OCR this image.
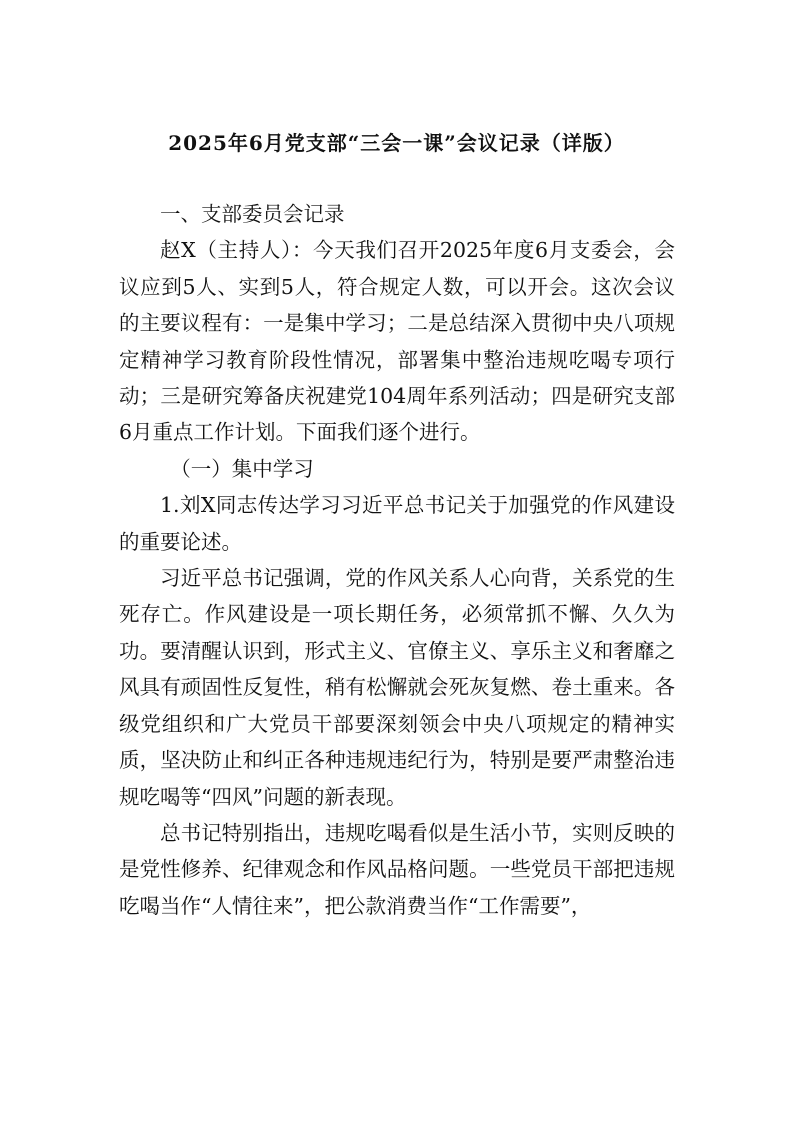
2025年6月党支部“三会一课”会议记录（详版）

一、支部委员会记录

赵X（主持人）：今天我们召开2025年度6月支委会，会议应到5人、实到5人，符合规定人数，可以开会。这次会议的主要议程有：一是集中学习；二是总结深入贯彻中央八项规定精神学习教育阶段性情况，部署集中整治违规吃喝专项行动；三是研究筹备庆祝建党104周年系列活动；四是研究支部6月重点工作计划。下面我们逐个进行。

（一）集中学习

1.刘X同志传达学习习近平总书记关于加强党的作风建设的重要论述。

习近平总书记强调，党的作风关系人心向背，关系党的生死存亡。作风建设是一项长期任务，必须常抓不懈、久久为功。要清醒认识到，形式主义、官僚主义、享乐主义和奢靡之风具有顽固性反复性，稍有松懈就会死灰复燃、卷土重来。各级党组织和广大党员干部要深刻领会中央八项规定的精神实质，坚决防止和纠正各种违规违纪行为，特别是要严肃整治违规吃喝等“四风”问题的新表现。

总书记特别指出，违规吃喝看似是生活小节，实则反映的是党性修养、纪律观念和作风品格问题。一些党员干部把违规吃喝当作“人情往来”，把公款消费当作“工作需要”，
